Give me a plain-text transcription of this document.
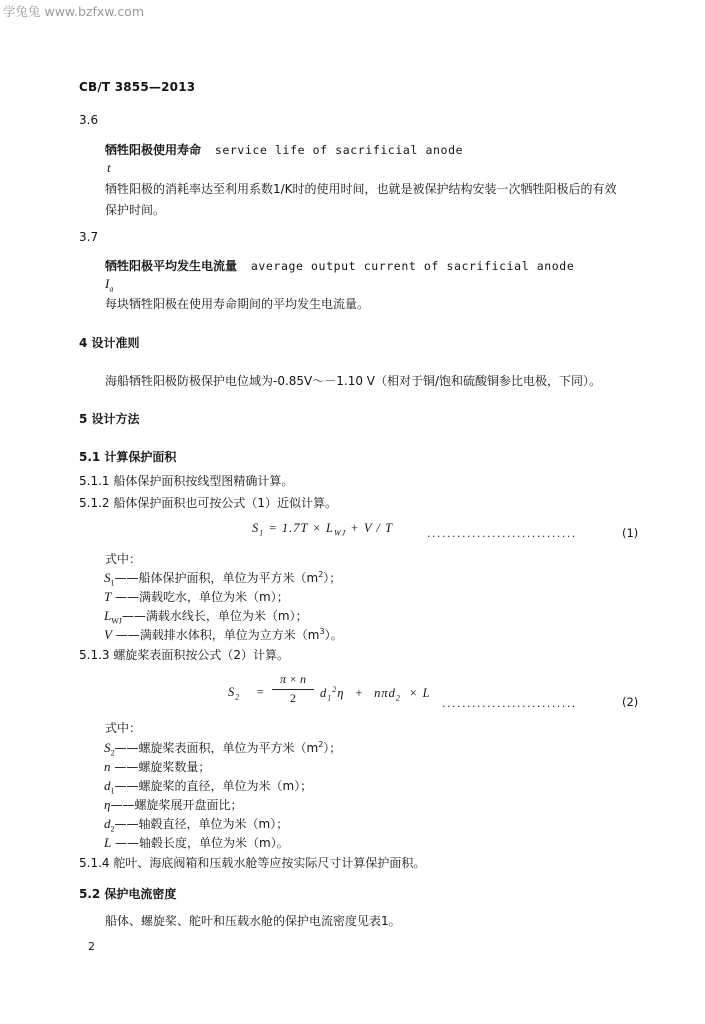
学兔兔 www.bzfxw.com
CB/T 3855—2013
3.6
牺牲阳极使用寿命 service life of sacrificial anode
t
牺牲阳极的消耗率达至利用系数1/K时的使用时间，也就是被保护结构安装一次牺牲阳极后的有效
保护时间。
3.7
牺牲阳极平均发生电流量 average output current of sacrificial anode
$I_a$
每块牺牲阳极在使用寿命期间的平均发生电流量。
4 设计准则
海船牺牲阳极防极保护电位域为-0.85V～－1.10 V（相对于铜/饱和硫酸铜参比电极，下同）。
5 设计方法
5.1 计算保护面积
5.1.1 船体保护面积按线型图精确计算。
5.1.2 船体保护面积也可按公式（1）近似计算。
$S_1 = 1.7T \times L_{WJ} + V / T$	..............................	(1)
式中：
$S_1——$船体保护面积，单位为平方米$(m^2)$；
T ——满载吃水，单位为米（m）；
$L_{WJ}——$满载水线长，单位为米（m）；
V ——满载排水体积，单位为立方米$(m^3)$。
5.1.3 螺旋桨表面积按公式（2）计算。
$S_2$ =
π × n
2	$d_1^2\eta + n\pi d_2 \times L$
...........................	(2)
式中：
$S_2——$螺旋桨表面积，单位为平方米$(m^2)$；
n ——螺旋桨数量；
$d_1——$螺旋桨的直径，单位为米（m）；
η——螺旋桨展开盘面比；
$d_2——$轴毂直径，单位为米（m）；
L ——轴毂长度，单位为米（m）。
5.1.4 舵叶、海底阀箱和压载水舱等应按实际尺寸计算保护面积。
5.2 保护电流密度
船体、螺旋桨、舵叶和压载水舱的保护电流密度见表1。
2
